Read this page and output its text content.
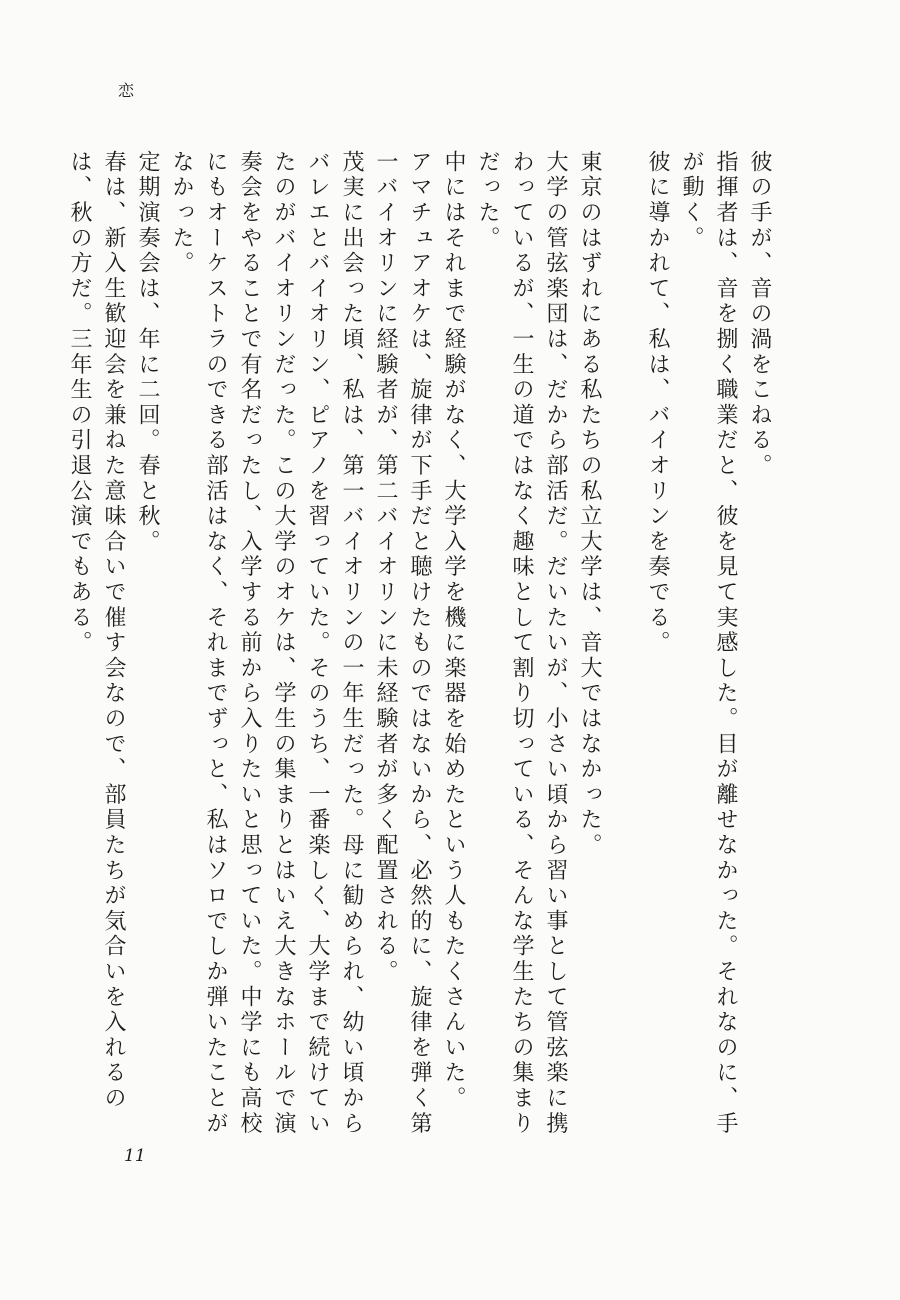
恋

彼の手が、音の渦をこねる。

指揮者は、音を捌く職業だと、彼を見て実感した。目が離せなかった。それなのに、手が動く。

彼に導かれて、私は、バイオリンを奏でる。

東京のはずれにある私たちの私立大学は、音大ではなかった。

大学の管弦楽団は、だから部活だ。だいたいが、小さい頃から習い事として管弦楽に携わっているが、一生の道ではなく趣味として割り切っている、そんな学生たちの集まりだった。

中にはそれまで経験がなく、大学入学を機に楽器を始めたという人もたくさんいた。

アマチュアオケは、旋律が下手だと聴けたものではないから、必然的に、旋律を弾く第一バイオリンに経験者が、第二バイオリンに未経験者が多く配置される。

茂実に出会った頃、私は、第一バイオリンの一年生だった。母に勧められ、幼い頃からバレエとバイオリン、ピアノを習っていた。そのうち、一番楽しく、大学まで続けていたのがバイオリンだった。この大学のオケは、学生の集まりとはいえ大きなホールで演奏会をやることで有名だったし、入学する前から入りたいと思っていた。中学にも高校にもオーケストラのできる部活はなく、それまでずっと、私はソロでしか弾いたことがなかった。

定期演奏会は、年に二回。春と秋。

春は、新入生歓迎会を兼ねた意味合いで催す会なので、部員たちが気合いを入れるのは、秋の方だ。三年生の引退公演でもある。

11
